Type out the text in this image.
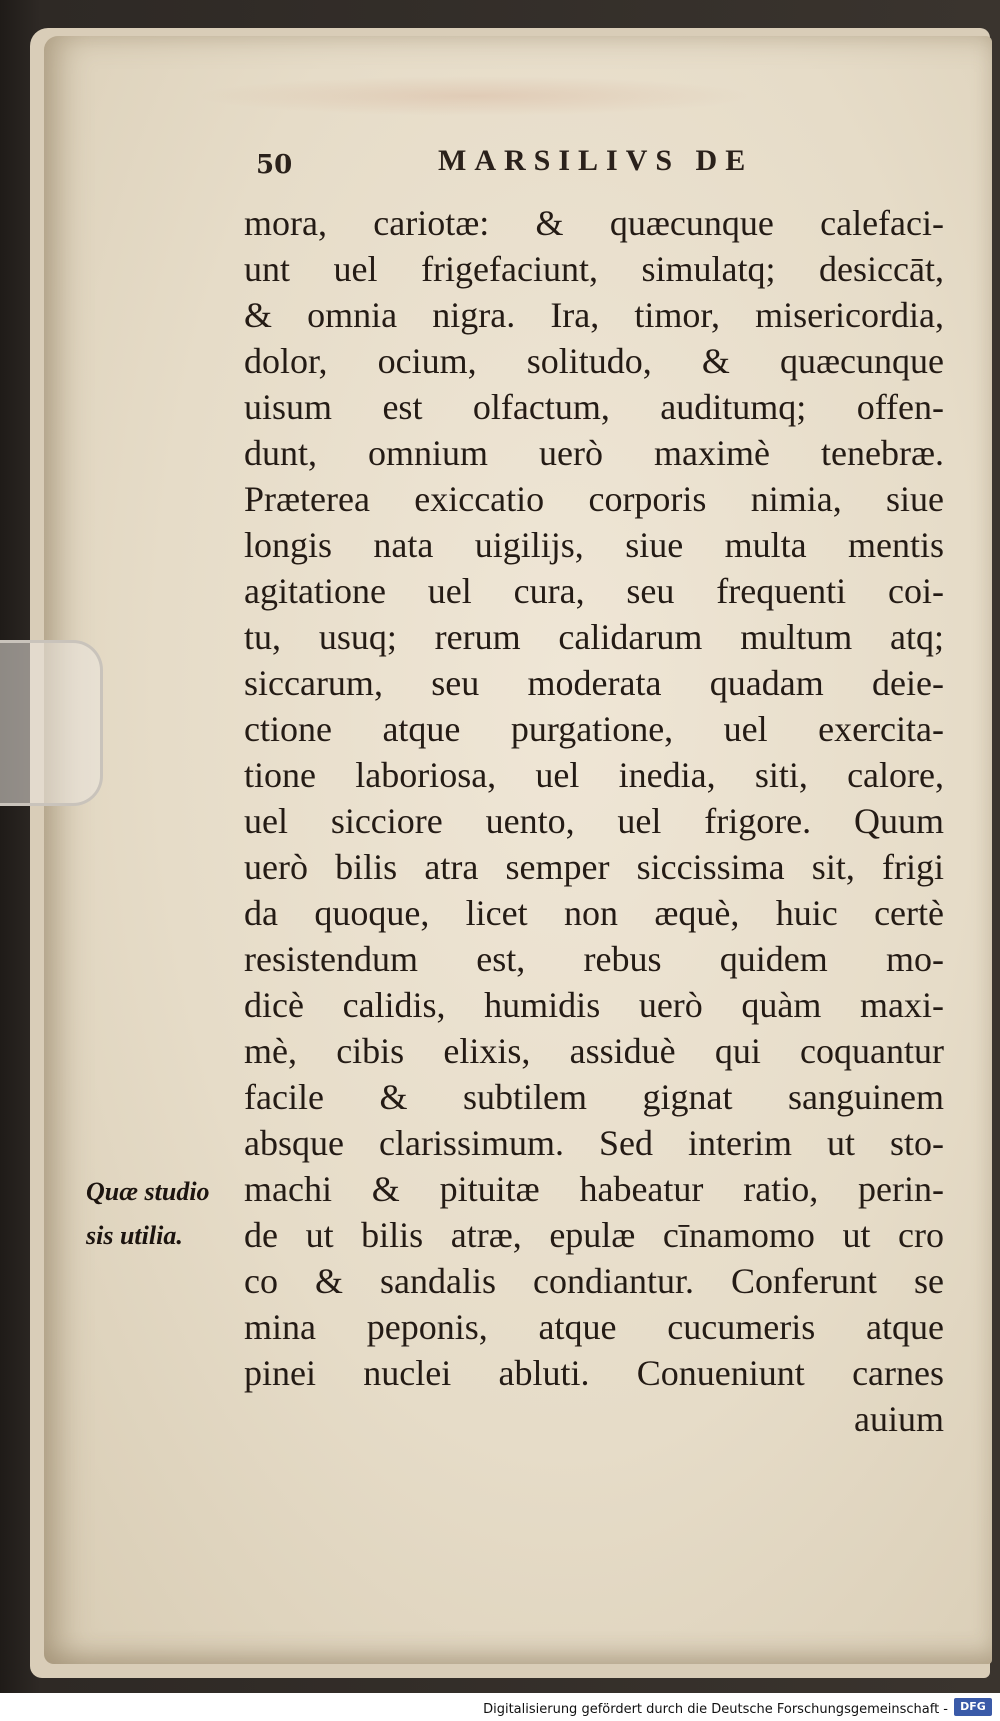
50	MARSILIVS DE
mora, cariotæ: & quæcunque calefaci-
unt uel frigefaciunt, simulatq; desiccāt,
& omnia nigra. Ira, timor, misericordia,
dolor, ocium, solitudo, & quæcunque
uisum est olfactum, auditumq; offen-
dunt, omnium uerò maximè tenebræ.
Præterea exiccatio corporis nimia, siue
longis nata uigilijs, siue multa mentis
agitatione uel cura, seu frequenti coi-
tu, usuq; rerum calidarum multum atq;
siccarum, seu moderata quadam deie-
ctione atque purgatione, uel exercita-
tione laboriosa, uel inedia, siti, calore,
uel sicciore uento, uel frigore. Quum
uerò bilis atra semper siccissima sit, frigi
da quoque, licet non æquè, huic certè
resistendum est, rebus quidem mo-
dicè calidis, humidis uerò quàm maxi-
mè, cibis elixis, assiduè qui coquantur
facile & subtilem gignat sanguinem
absque clarissimum. Sed interim ut sto-
machi & pituitæ habeatur ratio, perin-
de ut bilis atræ, epulæ cīnamomo ut cro
co & sandalis condiantur. Conferunt se
mina peponis, atque cucumeris atque
pinei nuclei abluti. Conueniunt carnes
auium
Quæ studio
sis utilia.
Digitalisierung gefördert durch die Deutsche Forschungsgemeinschaft -	DFG
